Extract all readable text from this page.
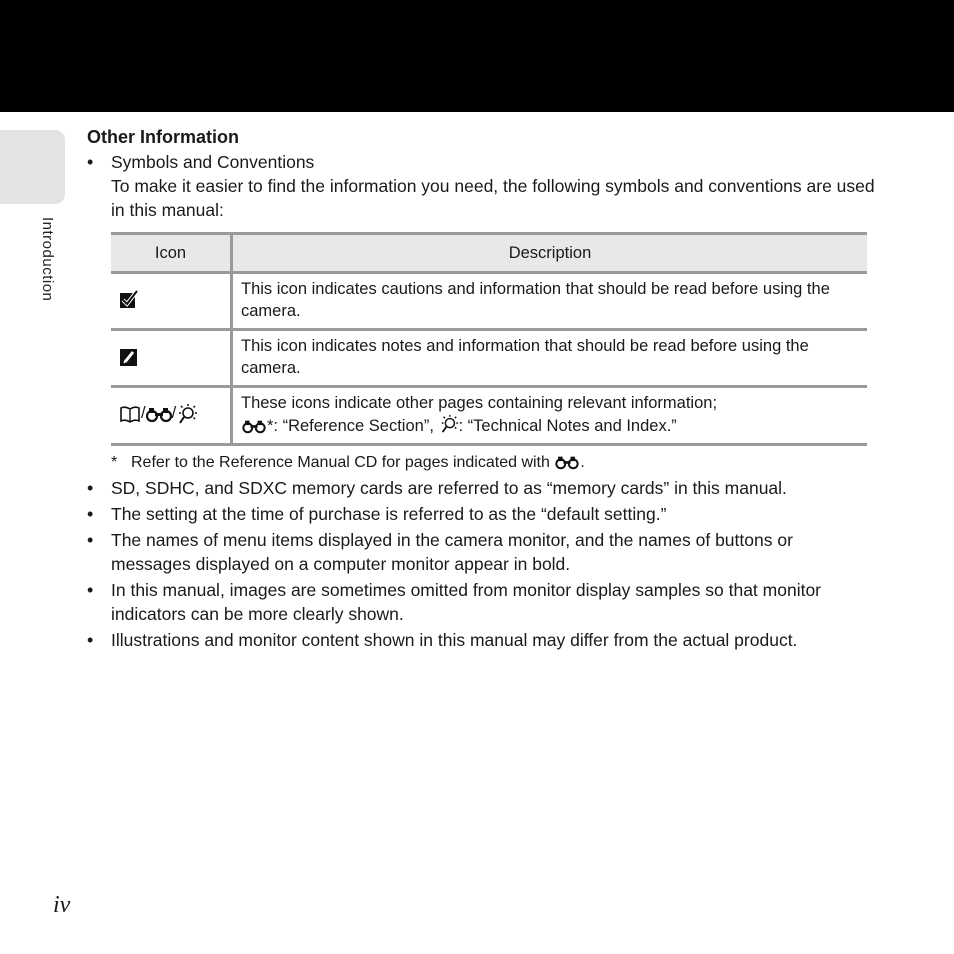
Introduction
Other Information
• Symbols and Conventions
To make it easier to find the information you need, the following symbols and conventions are used in this manual:
Icon	Description
	This icon indicates cautions and information that should be read before using the camera.
	This icon indicates notes and information that should be read before using the camera.
/ /	These icons indicate other pages containing relevant information;
*: “Reference Section”, : “Technical Notes and Index.”
* Refer to the Reference Manual CD for pages indicated with .
• SD, SDHC, and SDXC memory cards are referred to as “memory cards” in this manual.
• The setting at the time of purchase is referred to as the “default setting.”
• The names of menu items displayed in the camera monitor, and the names of buttons or messages displayed on a computer monitor appear in bold.
• In this manual, images are sometimes omitted from monitor display samples so that monitor indicators can be more clearly shown.
• Illustrations and monitor content shown in this manual may differ from the actual product.
iv
